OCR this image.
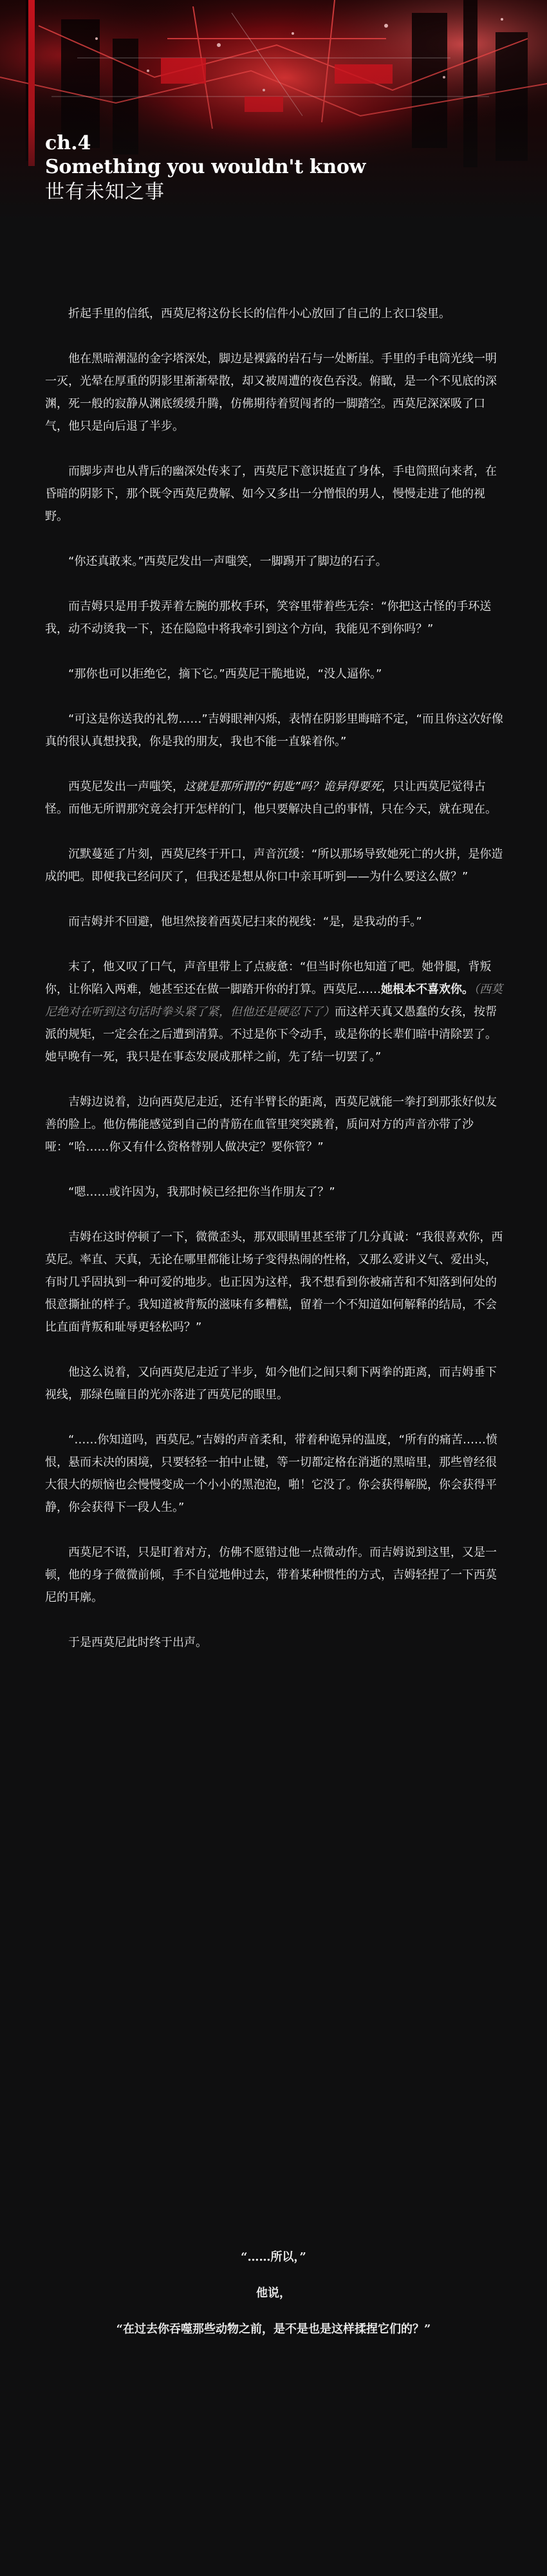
ch.4
Something you wouldn't know
世有未知之事

折起手里的信纸，西莫尼将这份长长的信件小心放回了自己的上衣口袋里。

他在黑暗潮湿的金字塔深处，脚边是裸露的岩石与一处断崖。手里的手电筒光线一明一灭，光晕在厚重的阴影里渐渐晕散，却又被周遭的夜色吞没。俯瞰，是一个不见底的深渊，死一般的寂静从渊底缓缓升腾，仿佛期待着贸闯者的一脚踏空。西莫尼深深吸了口气，他只是向后退了半步。

而脚步声也从背后的幽深处传来了，西莫尼下意识挺直了身体，手电筒照向来者，在昏暗的阴影下，那个既令西莫尼费解、如今又多出一分憎恨的男人，慢慢走进了他的视野。

“你还真敢来。”西莫尼发出一声嗤笑，一脚踢开了脚边的石子。

而吉姆只是用手拨弄着左腕的那枚手环，笑容里带着些无奈：“你把这古怪的手环送我，动不动烫我一下，还在隐隐中将我牵引到这个方向，我能见不到你吗？”

“那你也可以拒绝它，摘下它。”西莫尼干脆地说，“没人逼你。”

“可这是你送我的礼物……”吉姆眼神闪烁，表情在阴影里晦暗不定，“而且你这次好像真的很认真想找我，你是我的朋友，我也不能一直躲着你。”

西莫尼发出一声嗤笑，这就是那所谓的“钥匙”吗？诡异得要死，只让西莫尼觉得古怪。而他无所谓那究竟会打开怎样的门，他只要解决自己的事情，只在今天，就在现在。

沉默蔓延了片刻，西莫尼终于开口，声音沉缓：“所以那场导致她死亡的火拼，是你造成的吧。即便我已经问厌了，但我还是想从你口中亲耳听到——为什么要这么做？”

而吉姆并不回避，他坦然接着西莫尼扫来的视线：“是，是我动的手。”

末了，他又叹了口气，声音里带上了点疲惫：“但当时你也知道了吧。她骨腿，背叛你，让你陷入两难，她甚至还在做一脚踏开你的打算。西莫尼……她根本不喜欢你。（西莫尼绝对在听到这句话时拳头紧了紧，但他还是硬忍下了）而这样天真又愚蠢的女孩，按帮派的规矩，一定会在之后遭到清算。不过是你下令动手，或是你的长辈们暗中清除罢了。她早晚有一死，我只是在事态发展成那样之前，先了结一切罢了。”

吉姆边说着，边向西莫尼走近，还有半臂长的距离，西莫尼就能一拳打到那张好似友善的脸上。他仿佛能感觉到自己的青筋在血管里突突跳着，质问对方的声音亦带了沙哑：“哈……你又有什么资格替别人做决定？要你管？”

“嗯……或许因为，我那时候已经把你当作朋友了？”

吉姆在这时停顿了一下，微微歪头，那双眼睛里甚至带了几分真诚：“我很喜欢你，西莫尼。率直、天真，无论在哪里都能让场子变得热闹的性格，又那么爱讲义气、爱出头，有时几乎固执到一种可爱的地步。也正因为这样，我不想看到你被痛苦和不知落到何处的恨意撕扯的样子。我知道被背叛的滋味有多糟糕，留着一个不知道如何解释的结局，不会比直面背叛和耻辱更轻松吗？”

他这么说着，又向西莫尼走近了半步，如今他们之间只剩下两拳的距离，而吉姆垂下视线，那绿色瞳目的光亦落进了西莫尼的眼里。

“……你知道吗，西莫尼。”吉姆的声音柔和，带着种诡异的温度，“所有的痛苦……愤恨，悬而未决的困境，只要轻轻一拍中止键，等一切都定格在消逝的黑暗里，那些曾经很大很大的烦恼也会慢慢变成一个小小的黑泡泡，啪！它没了。你会获得解脱，你会获得平静，你会获得下一段人生。”

西莫尼不语，只是盯着对方，仿佛不愿错过他一点微动作。而吉姆说到这里，又是一顿，他的身子微微前倾，手不自觉地伸过去，带着某种惯性的方式，吉姆轻捏了一下西莫尼的耳廓。

于是西莫尼此时终于出声。

“……所以，”
他说，
“在过去你吞噬那些动物之前，是不是也是这样揉捏它们的？”
